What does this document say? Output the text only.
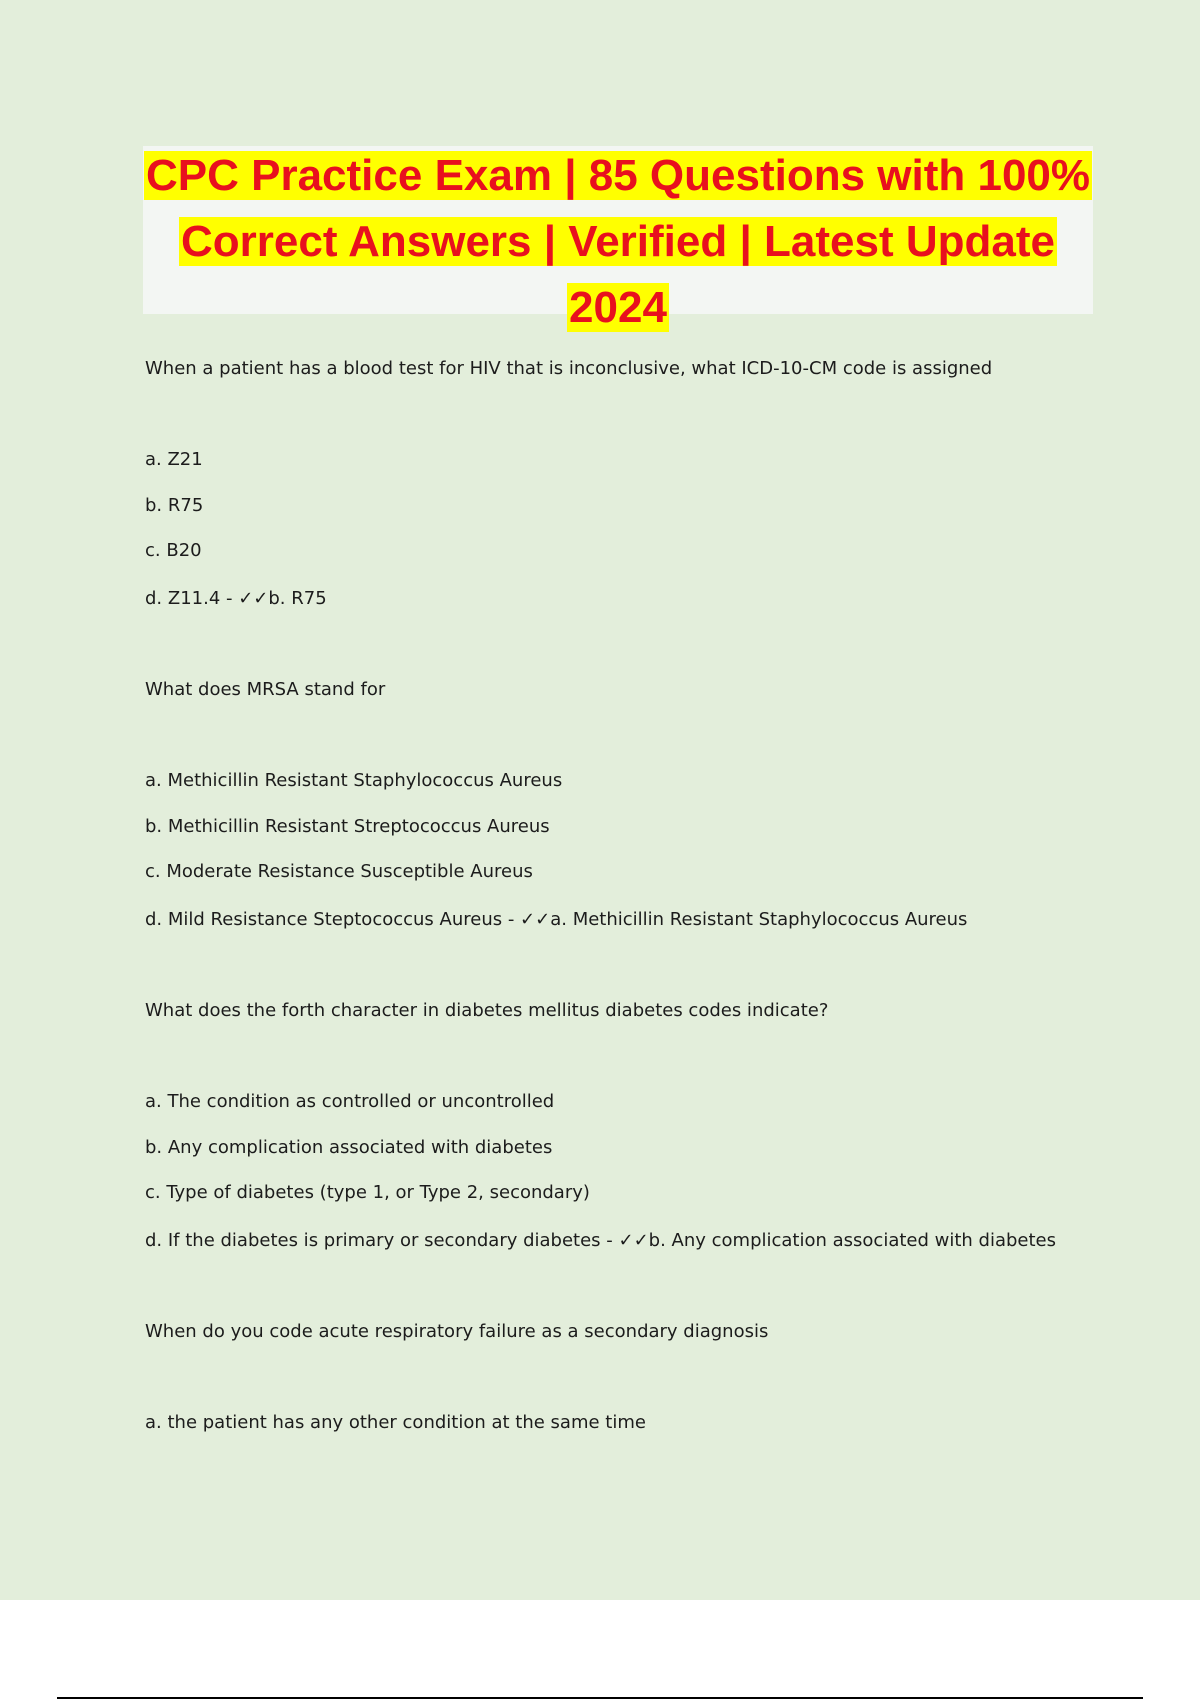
CPC Practice Exam | 85 Questions with 100% Correct Answers | Verified | Latest Update 2024
When a patient has a blood test for HIV that is inconclusive, what ICD-10-CM code is assigned
a. Z21
b. R75
c. B20
d. Z11.4 - ✓✓b. R75
What does MRSA stand for
a. Methicillin Resistant Staphylococcus Aureus
b. Methicillin Resistant Streptococcus Aureus
c. Moderate Resistance Susceptible Aureus
d. Mild Resistance Steptococcus Aureus - ✓✓a. Methicillin Resistant Staphylococcus Aureus
What does the forth character in diabetes mellitus diabetes codes indicate?
a. The condition as controlled or uncontrolled
b. Any complication associated with diabetes
c. Type of diabetes (type 1, or Type 2, secondary)
d. If the diabetes is primary or secondary diabetes - ✓✓b. Any complication associated with diabetes
When do you code acute respiratory failure as a secondary diagnosis
a. the patient has any other condition at the same time
